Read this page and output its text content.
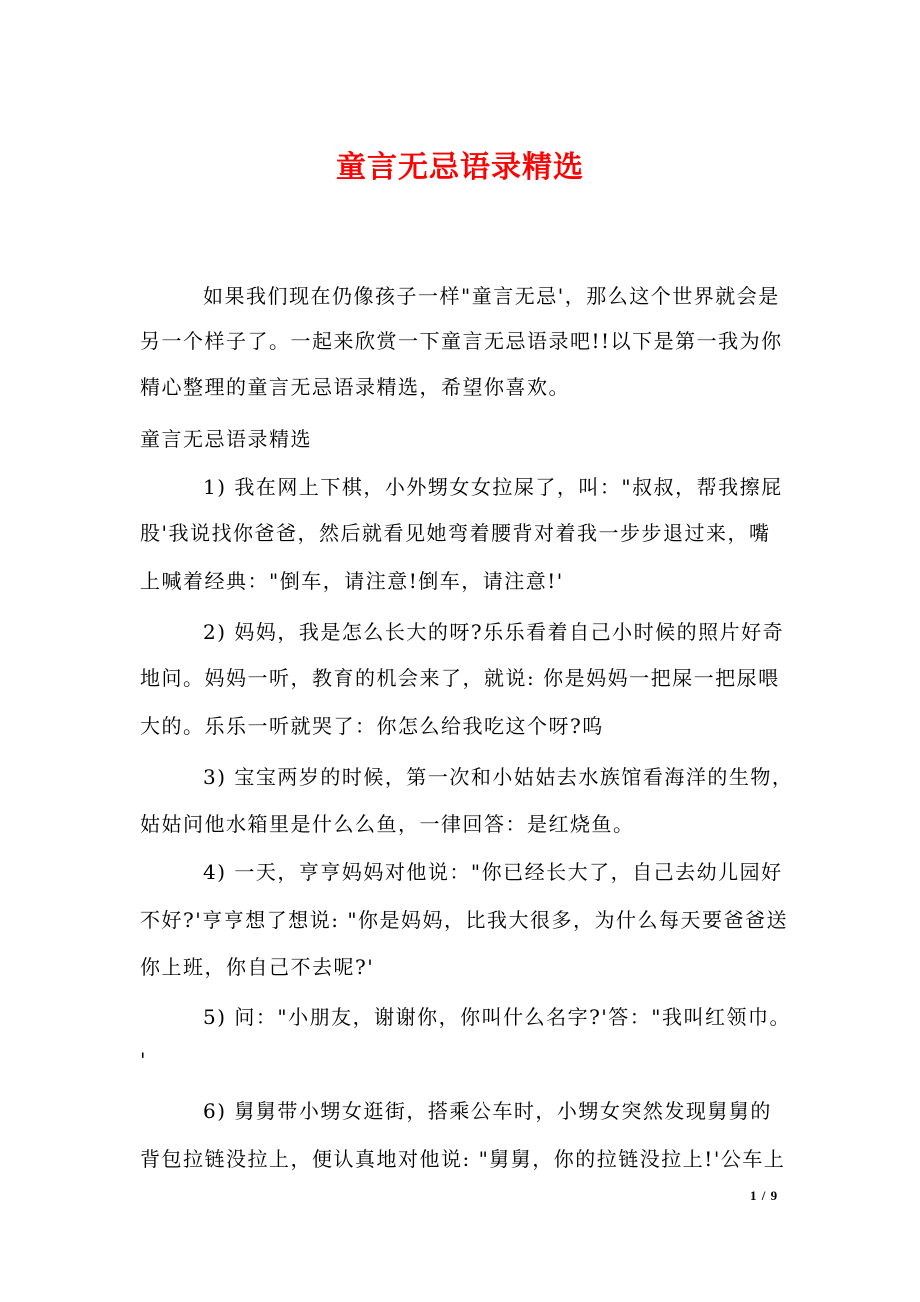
童言无忌语录精选
如果我们现在仍像孩子一样"童言无忌'，那么这个世界就会是
另一个样子了。一起来欣赏一下童言无忌语录吧!!以下是第一我为你
精心整理的童言无忌语录精选，希望你喜欢。
童言无忌语录精选
1) 我在网上下棋，小外甥女女拉屎了，叫："叔叔，帮我擦屁
股'我说找你爸爸，然后就看见她弯着腰背对着我一步步退过来，嘴
上喊着经典："倒车，请注意!倒车，请注意!'
2) 妈妈，我是怎么长大的呀?乐乐看着自己小时候的照片好奇
地问。妈妈一听，教育的机会来了，就说: 你是妈妈一把屎一把尿喂
大的。乐乐一听就哭了：你怎么给我吃这个呀?呜
3) 宝宝两岁的时候，第一次和小姑姑去水族馆看海洋的生物，
姑姑问他水箱里是什么么鱼，一律回答：是红烧鱼。
4) 一天，亨亨妈妈对他说："你已经长大了，自己去幼儿园好
不好?'亨亨想了想说: "你是妈妈，比我大很多，为什么每天要爸爸送
你上班，你自己不去呢?'
5) 问："小朋友，谢谢你，你叫什么名字?'答："我叫红领巾。
'
6) 舅舅带小甥女逛街，搭乘公车时，小甥女突然发现舅舅的
背包拉链没拉上，便认真地对他说: "舅舅，你的拉链没拉上!'公车上
1 / 9
